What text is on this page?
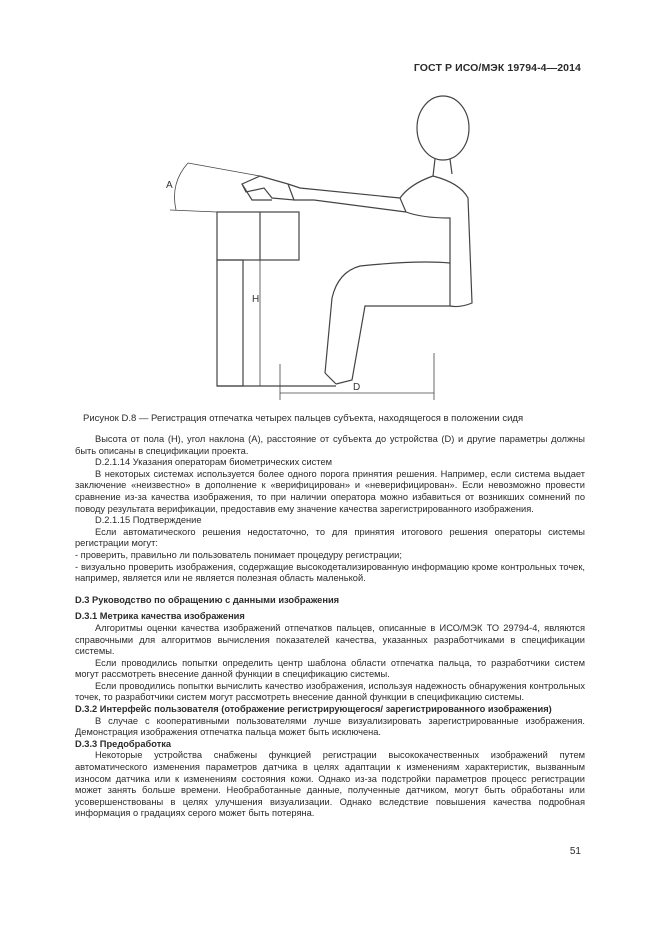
ГОСТ Р ИСО/МЭК 19794-4—2014
A
H
D
Рисунок D.8 — Регистрация отпечатка четырех пальцев субъекта, находящегося в положении сидя

Высота от пола (H), угол наклона (A), расстояние от субъекта до устройства (D) и другие параметры должны быть описаны в спецификации проекта.

D.2.1.14 Указания операторам биометрических систем

В некоторых системах используется более одного порога принятия решения. Например, если система выдает заключение «неизвестно» в дополнение к «верифицирован» и «неверифицирован». Если невозможно провести сравнение из-за качества изображения, то при наличии оператора можно избавиться от возникших сомнений по поводу результата верификации, предоставив ему значение качества зарегистрированного изображения.

D.2.1.15 Подтверждение

Если автоматического решения недостаточно, то для принятия итогового решения операторы системы регистрации могут:

- проверить, правильно ли пользователь понимает процедуру регистрации;

- визуально проверить изображения, содержащие высокодетализированную информацию кроме контрольных точек, например, является или не является полезная область маленькой.

D.3 Руководство по обращению с данными изображения

D.3.1 Метрика качества изображения

Алгоритмы оценки качества изображений отпечатков пальцев, описанные в ИСО/МЭК ТО 29794-4, являются справочными для алгоритмов вычисления показателей качества, указанных разработчиками в спецификации системы.

Если проводились попытки определить центр шаблона области отпечатка пальца, то разработчики систем могут рассмотреть внесение данной функции в спецификацию системы.

Если проводились попытки вычислить качество изображения, используя надежность обнаружения контрольных точек, то разработчики систем могут рассмотреть внесение данной функции в спецификацию системы.

D.3.2 Интерфейс пользователя (отображение регистрирующегося/ зарегистрированного изображения)

В случае с кооперативными пользователями лучше визуализировать зарегистрированные изображения. Демонстрация изображения отпечатка пальца может быть исключена.

D.3.3 Предобработка

Некоторые устройства снабжены функцией регистрации высококачественных изображений путем автоматического изменения параметров датчика в целях адаптации к изменениям характеристик, вызванным износом датчика или к изменениям состояния кожи. Однако из-за подстройки параметров процесс регистрации может занять больше времени. Необработанные данные, полученные датчиком, могут быть обработаны или усовершенствованы в целях улучшения визуализации. Однако вследствие повышения качества подробная информация о градациях серого может быть потеряна.

51
